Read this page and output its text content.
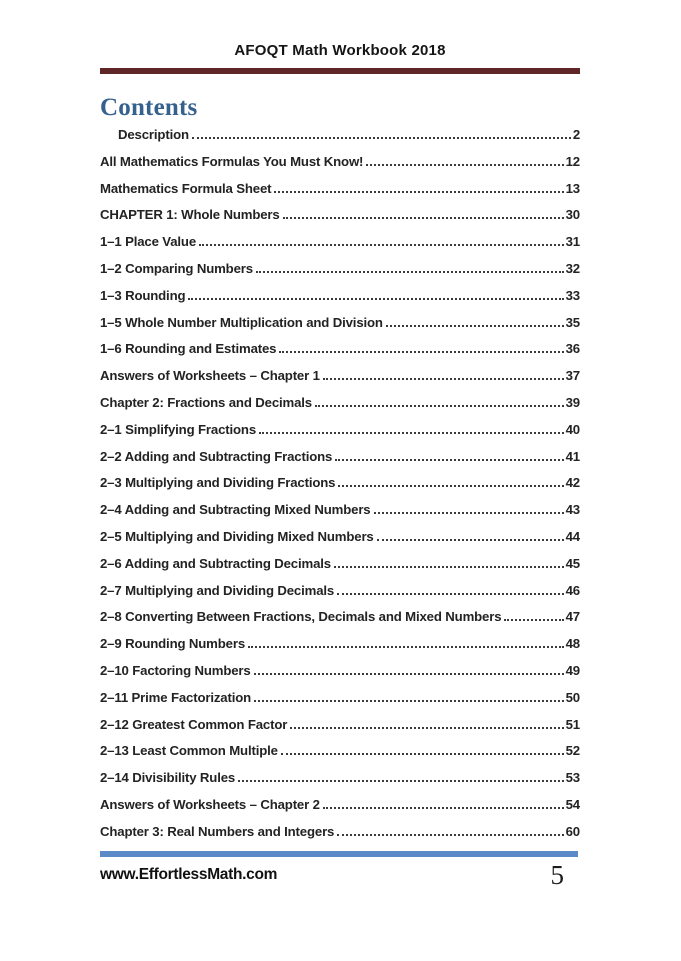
AFOQT Math Workbook 2018
Contents
Description	2
All Mathematics Formulas You Must Know!	12
Mathematics Formula Sheet	13
CHAPTER 1: Whole Numbers	30
1–1 Place Value	31
1–2 Comparing Numbers	32
1–3 Rounding	33
1–5 Whole Number Multiplication and Division	35
1–6 Rounding and Estimates	36
Answers of Worksheets – Chapter 1	37
Chapter 2: Fractions and Decimals	39
2–1 Simplifying Fractions	40
2–2 Adding and Subtracting Fractions	41
2–3 Multiplying and Dividing Fractions	42
2–4 Adding and Subtracting Mixed Numbers	43
2–5 Multiplying and Dividing Mixed Numbers	44
2–6 Adding and Subtracting Decimals	45
2–7 Multiplying and Dividing Decimals	46
2–8 Converting Between Fractions, Decimals and Mixed Numbers	47
2–9 Rounding Numbers	48
2–10 Factoring Numbers	49
2–11 Prime Factorization	50
2–12 Greatest Common Factor	51
2–13 Least Common Multiple	52
2–14 Divisibility Rules	53
Answers of Worksheets – Chapter 2	54
Chapter 3: Real Numbers and Integers	60
www.EffortlessMath.com	5
